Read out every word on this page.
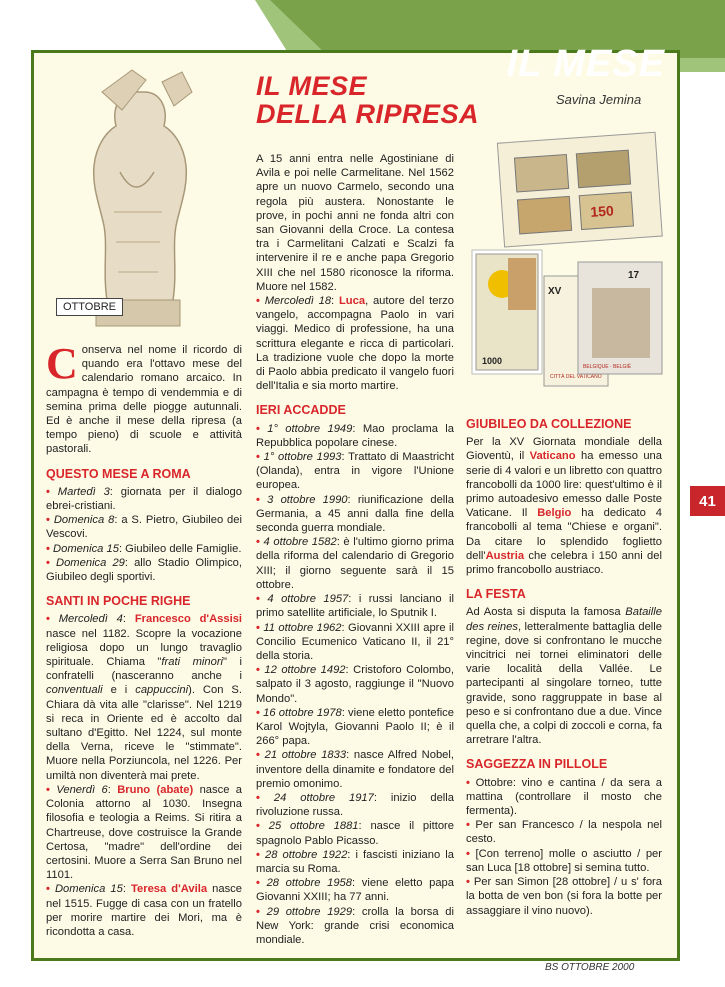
IL MESE
Savina Jemina
IL MESE
DELLA RIPRESA
OTTOBRE

Conserva nel nome il ricordo di quando era l'ottavo mese del calendario romano arcaico. In campagna è tempo di vendemmia e di semina prima delle piogge autunnali. Ed è anche il mese della ripresa (a tempo pieno) di scuole e attività pastorali.

QUESTO MESE A ROMA

• Martedì 3: giornata per il dialogo ebrei-cristiani.

• Domenica 8: a S. Pietro, Giubileo dei Vescovi.

• Domenica 15: Giubileo delle Famiglie.

• Domenica 29: allo Stadio Olimpico, Giubileo degli sportivi.

SANTI IN POCHE RIGHE

• Mercoledì 4: Francesco d'Assisi nasce nel 1182. Scopre la vocazione religiosa dopo un lungo travaglio spirituale. Chiama "frati minori" i confratelli (nasceranno anche i conventuali e i cappuccini). Con S. Chiara dà vita alle "clarisse". Nel 1219 si reca in Oriente ed è accolto dal sultano d'Egitto. Nel 1224, sul monte della Verna, riceve le "stimmate". Muore nella Porziuncola, nel 1226. Per umiltà non diventerà mai prete.

• Venerdì 6: Bruno (abate) nasce a Colonia attorno al 1030. Insegna filosofia e teologia a Reims. Si ritira a Chartreuse, dove costruisce la Grande Certosa, "madre" dell'ordine dei certosini. Muore a Serra San Bruno nel 1101.

• Domenica 15: Teresa d'Avila nasce nel 1515. Fugge di casa con un fratello per morire martire dei Mori, ma è ricondotta a casa.

A 15 anni entra nelle Agostiniane di Avila e poi nelle Carmelitane. Nel 1562 apre un nuovo Carmelo, secondo una regola più austera. Nonostante le prove, in pochi anni ne fonda altri con san Giovanni della Croce. La contesa tra i Carmelitani Calzati e Scalzi fa intervenire il re e anche papa Gregorio XIII che nel 1580 riconosce la riforma. Muore nel 1582.

• Mercoledì 18: Luca, autore del terzo vangelo, accompagna Paolo in vari viaggi. Medico di professione, ha una scrittura elegante e ricca di particolari. La tradizione vuole che dopo la morte di Paolo abbia predicato il vangelo fuori dell'Italia e sia morto martire.

IERI ACCADDE

• 1° ottobre 1949: Mao proclama la Repubblica popolare cinese.

• 1° ottobre 1993: Trattato di Maastricht (Olanda), entra in vigore l'Unione europea.

• 3 ottobre 1990: riunificazione della Germania, a 45 anni dalla fine della seconda guerra mondiale.

• 4 ottobre 1582: è l'ultimo giorno prima della riforma del calendario di Gregorio XIII; il giorno seguente sarà il 15 ottobre.

• 4 ottobre 1957: i russi lanciano il primo satellite artificiale, lo Sputnik I.

• 11 ottobre 1962: Giovanni XXIII apre il Concilio Ecumenico Vaticano II, il 21° della storia.

• 12 ottobre 1492: Cristoforo Colombo, salpato il 3 agosto, raggiunge il "Nuovo Mondo".

• 16 ottobre 1978: viene eletto pontefice Karol Wojtyla, Giovanni Paolo II; è il 266° papa.

• 21 ottobre 1833: nasce Alfred Nobel, inventore della dinamite e fondatore del premio omonimo.

• 24 ottobre 1917: inizio della rivoluzione russa.

• 25 ottobre 1881: nasce il pittore spagnolo Pablo Picasso.

• 28 ottobre 1922: i fascisti iniziano la marcia su Roma.

• 28 ottobre 1958: viene eletto papa Giovanni XXIII; ha 77 anni.

• 29 ottobre 1929: crolla la borsa di New York: grande crisi economica mondiale.

150
1000
XV
CITTÀ DEL VATICANO
17
BELGIQUE · BELGIË
GIUBILEO DA COLLEZIONE

Per la XV Giornata mondiale della Gioventù, il Vaticano ha emesso una serie di 4 valori e un libretto con quattro francobolli da 1000 lire: quest'ultimo è il primo autoadesivo emesso dalle Poste Vaticane. Il Belgio ha dedicato 4 francobolli al tema "Chiese e organi". Da citare lo splendido foglietto dell'Austria che celebra i 150 anni del primo francobollo austriaco.

LA FESTA

Ad Aosta si disputa la famosa Bataille des reines, letteralmente battaglia delle regine, dove si confrontano le mucche vincitrici nei tornei eliminatori delle varie località della Vallée. Le partecipanti al singolare torneo, tutte gravide, sono raggruppate in base al peso e si confrontano due a due. Vince quella che, a colpi di zoccoli e corna, fa arretrare l'altra.

SAGGEZZA IN PILLOLE

• Ottobre: vino e cantina / da sera a mattina (controllare il mosto che fermenta).

• Per san Francesco / la nespola nel cesto.

• [Con terreno] molle o asciutto / per san Luca [18 ottobre] si semina tutto.

• Per san Simon [28 ottobre] / u s' fora la botta de ven bon (si fora la botte per assaggiare il vino nuovo).

41
BS OTTOBRE 2000
